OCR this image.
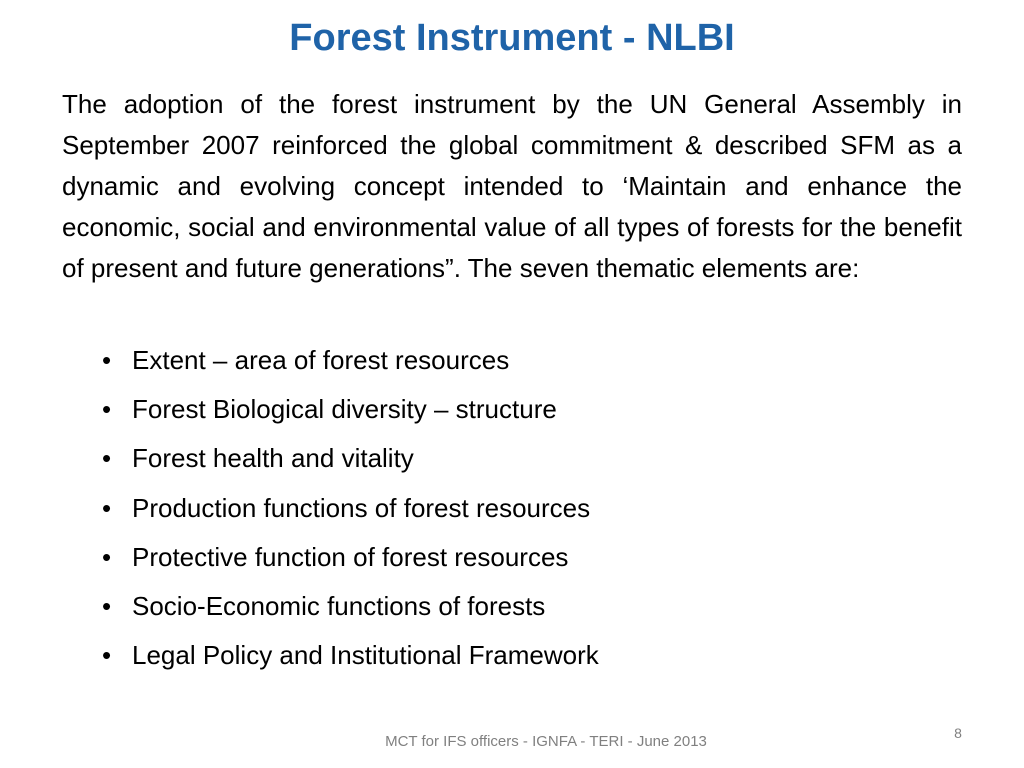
Forest Instrument - NLBI

The adoption of the forest instrument by the UN General Assembly in September 2007 reinforced the global commitment & described SFM as a dynamic and evolving concept intended to ‘Maintain and enhance the economic, social and environmental value of all types of forests for the benefit of present and future generations”. The seven thematic elements are:

• Extent – area of forest resources
• Forest Biological diversity – structure
• Forest health and vitality
• Production functions of forest resources
• Protective function of forest resources
• Socio-Economic functions of forests
• Legal Policy and Institutional Framework
MCT for IFS officers - IGNFA - TERI - June 2013	8
